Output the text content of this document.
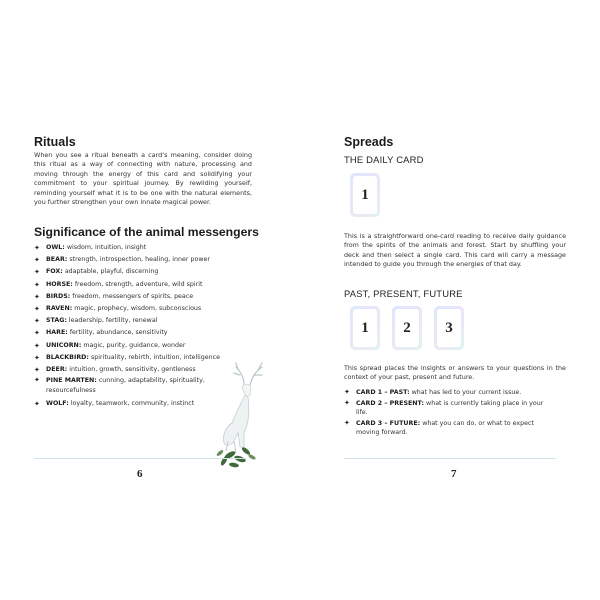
Rituals
When you see a ritual beneath a card’s meaning, consider doing this ritual as a way of connecting with nature, processing and moving through the energy of this card and solidifying your commitment to your spiritual journey. By rewilding yourself, reminding yourself what it is to be one with the natural elements, you further strengthen your own innate magical power.
Significance of the animal messengers
✦ OWL: wisdom, intuition, insight
✦ BEAR: strength, introspection, healing, inner power
✦ FOX: adaptable, playful, discerning
✦ HORSE: freedom, strength, adventure, wild spirit
✦ BIRDS: freedom, messengers of spirits, peace
✦ RAVEN: magic, prophecy, wisdom, subconscious
✦ STAG: leadership, fertility, renewal
✦ HARE: fertility, abundance, sensitivity
✦ UNICORN: magic, purity, guidance, wonder
✦ BLACKBIRD: spirituality, rebirth, intuition, intelligence
✦ DEER: intuition, growth, sensitivity, gentleness
✦ PINE MARTEN: cunning, adaptability, spirituality, resourcefulness
✦ WOLF: loyalty, teamwork, community, instinct
6
Spreads
THE DAILY CARD
1
This is a straightforward one-card reading to receive daily guidance from the spirits of the animals and forest. Start by shuffling your deck and then select a single card. This card will carry a message intended to guide you through the energies of that day.
PAST, PRESENT, FUTURE
1	2	3
This spread places the insights or answers to your questions in the context of your past, present and future.
✦ CARD 1 – PAST: what has led to your current issue.
✦ CARD 2 – PRESENT: what is currently taking place in your life.
✦ CARD 3 – FUTURE: what you can do, or what to expect moving forward.
7
